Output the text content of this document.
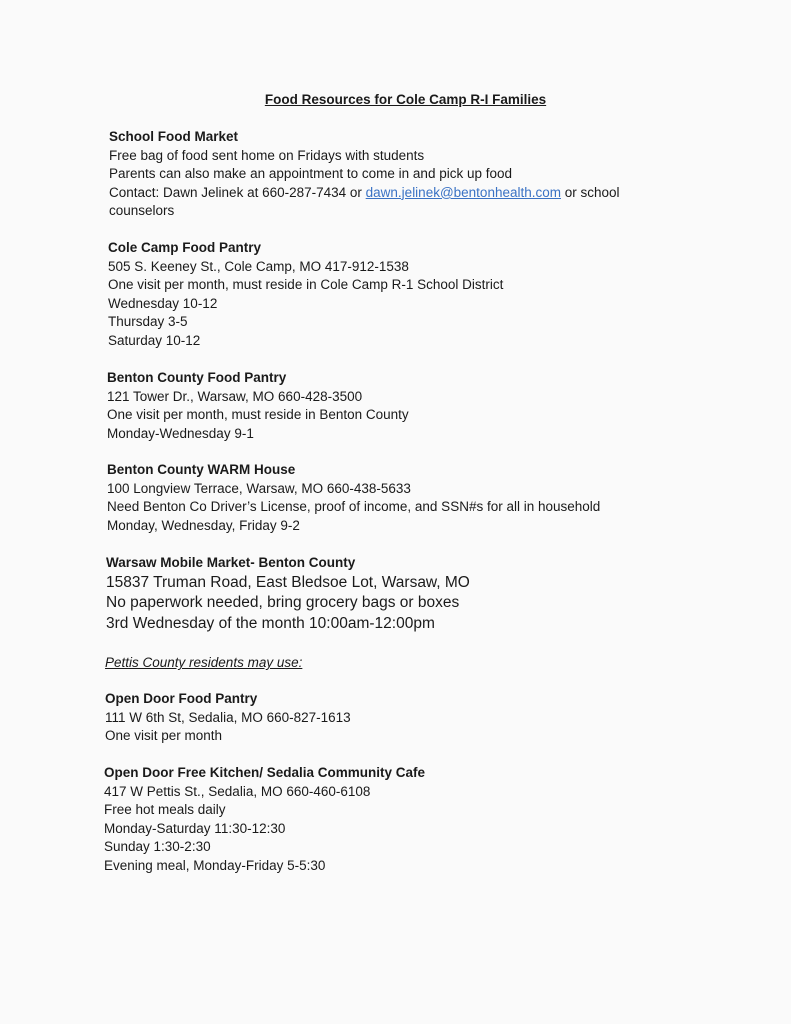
Food Resources for Cole Camp R-I Families
School Food Market
Free bag of food sent home on Fridays with students
Parents can also make an appointment to come in and pick up food
Contact: Dawn Jelinek at 660-287-7434 or dawn.jelinek@bentonhealth.com or school
counselors
Cole Camp Food Pantry
505 S. Keeney St., Cole Camp, MO 417-912-1538
One visit per month, must reside in Cole Camp R-1 School District
Wednesday 10-12
Thursday 3-5
Saturday 10-12
Benton County Food Pantry
121 Tower Dr., Warsaw, MO 660-428-3500
One visit per month, must reside in Benton County
Monday-Wednesday 9-1
Benton County WARM House
100 Longview Terrace, Warsaw, MO 660-438-5633
Need Benton Co Driver’s License, proof of income, and SSN#s for all in household
Monday, Wednesday, Friday 9-2
Warsaw Mobile Market- Benton County
15837 Truman Road, East Bledsoe Lot, Warsaw, MO
No paperwork needed, bring grocery bags or boxes
3rd Wednesday of the month 10:00am-12:00pm
Pettis County residents may use:
Open Door Food Pantry
111 W 6th St, Sedalia, MO 660-827-1613
One visit per month
Open Door Free Kitchen/ Sedalia Community Cafe
417 W Pettis St., Sedalia, MO 660-460-6108
Free hot meals daily
Monday-Saturday 11:30-12:30
Sunday 1:30-2:30
Evening meal, Monday-Friday 5-5:30
